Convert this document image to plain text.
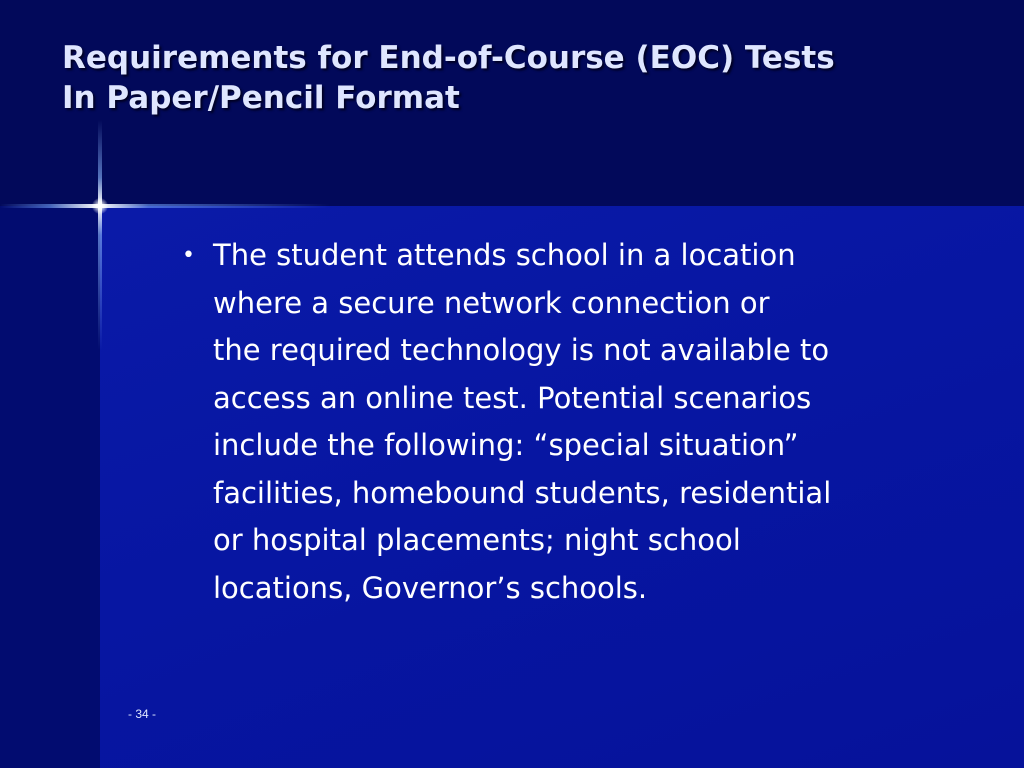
Requirements for End-of-Course (EOC) Tests
In Paper/Pencil Format
• The student attends school in a location
where a secure network connection or
the required technology is not available to
access an online test. Potential scenarios
include the following: “special situation”
facilities, homebound students, residential
or hospital placements; night school
locations, Governor’s schools.
- 34 -
